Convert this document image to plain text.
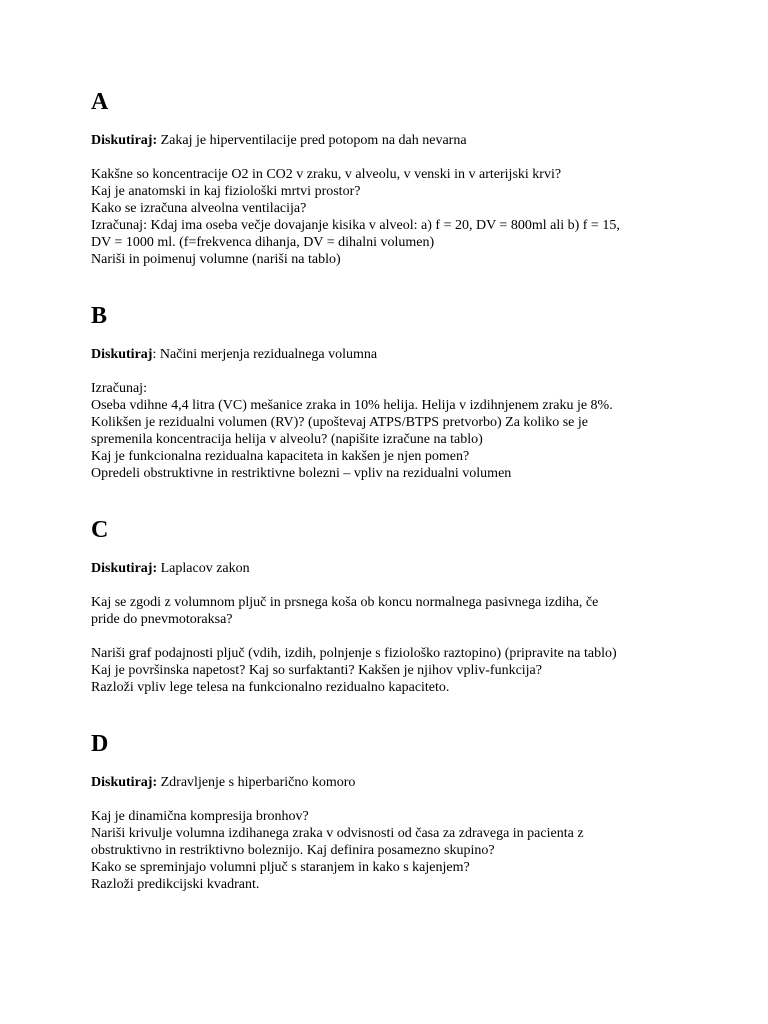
A
Diskutiraj: Zakaj je hiperventilacije pred potopom na dah nevarna
Kakšne so koncentracije O2 in CO2 v zraku, v alveolu, v venski in v arterijski krvi?
Kaj je anatomski in kaj fiziološki mrtvi prostor?
Kako se izračuna alveolna ventilacija?
Izračunaj: Kdaj ima oseba večje dovajanje kisika v alveol: a) f = 20, DV = 800ml ali b) f = 15,
DV = 1000 ml. (f=frekvenca dihanja, DV = dihalni volumen)
Nariši in poimenuj volumne (nariši na tablo)
B
Diskutiraj: Načini merjenja rezidualnega volumna
Izračunaj:
Oseba vdihne 4,4 litra (VC) mešanice zraka in 10% helija. Helija v izdihnjenem zraku je 8%.
Kolikšen je rezidualni volumen (RV)? (upoštevaj ATPS/BTPS pretvorbo) Za koliko se je
spremenila koncentracija helija v alveolu? (napišite izračune na tablo)
Kaj je funkcionalna rezidualna kapaciteta in kakšen je njen pomen?
Opredeli obstruktivne in restriktivne bolezni – vpliv na rezidualni volumen
C
Diskutiraj: Laplacov zakon
Kaj se zgodi z volumnom pljuč in prsnega koša ob koncu normalnega pasivnega izdiha, če
pride do pnevmotoraksa?
Nariši graf podajnosti pljuč (vdih, izdih, polnjenje s fiziološko raztopino) (pripravite na tablo)
Kaj je površinska napetost? Kaj so surfaktanti? Kakšen je njihov vpliv-funkcija?
Razloži vpliv lege telesa na funkcionalno rezidualno kapaciteto.
D
Diskutiraj: Zdravljenje s hiperbarično komoro
Kaj je dinamična kompresija bronhov?
Nariši krivulje volumna izdihanega zraka v odvisnosti od časa za zdravega in pacienta z
obstruktivno in restriktivno boleznijo. Kaj definira posamezno skupino?
Kako se spreminjajo volumni pljuč s staranjem in kako s kajenjem?
Razloži predikcijski kvadrant.
